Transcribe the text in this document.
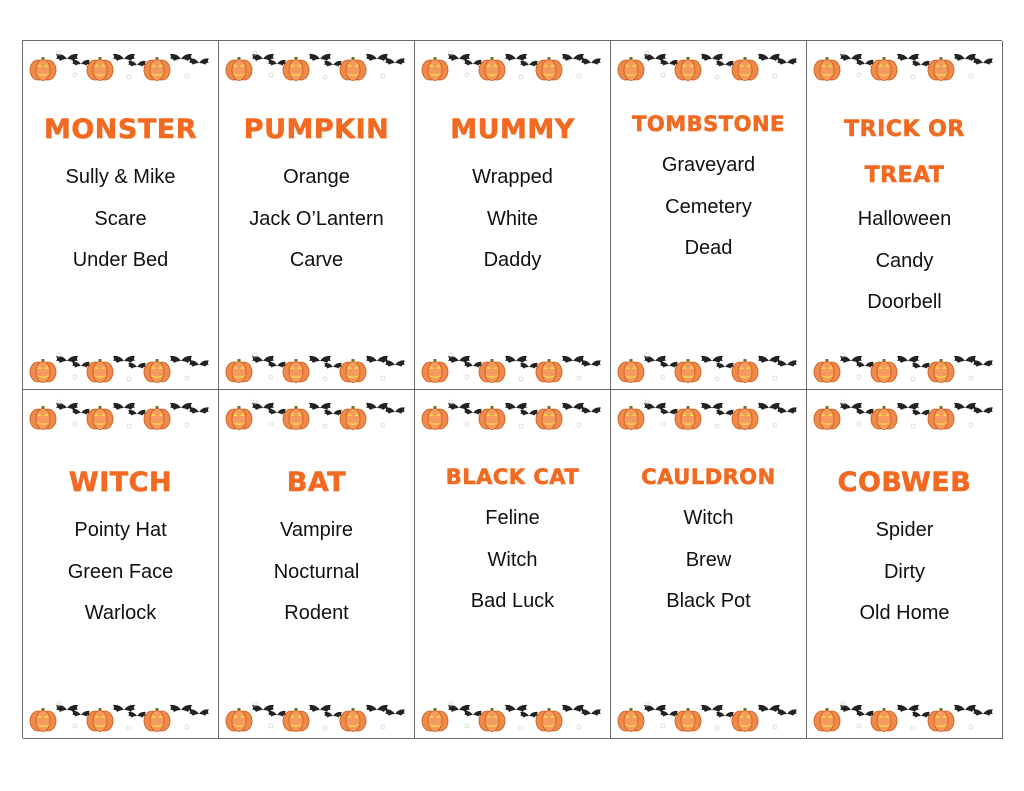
MONSTER
Sully & Mike
Scare
Under Bed
PUMPKIN
Orange
Jack O’Lantern
Carve
MUMMY
Wrapped
White
Daddy
TOMBSTONE
Graveyard
Cemetery
Dead
TRICK OR TREAT
Halloween
Candy
Doorbell
WITCH
Pointy Hat
Green Face
Warlock
BAT
Vampire
Nocturnal
Rodent
BLACK CAT
Feline
Witch
Bad Luck
CAULDRON
Witch
Brew
Black Pot
COBWEB
Spider
Dirty
Old Home
